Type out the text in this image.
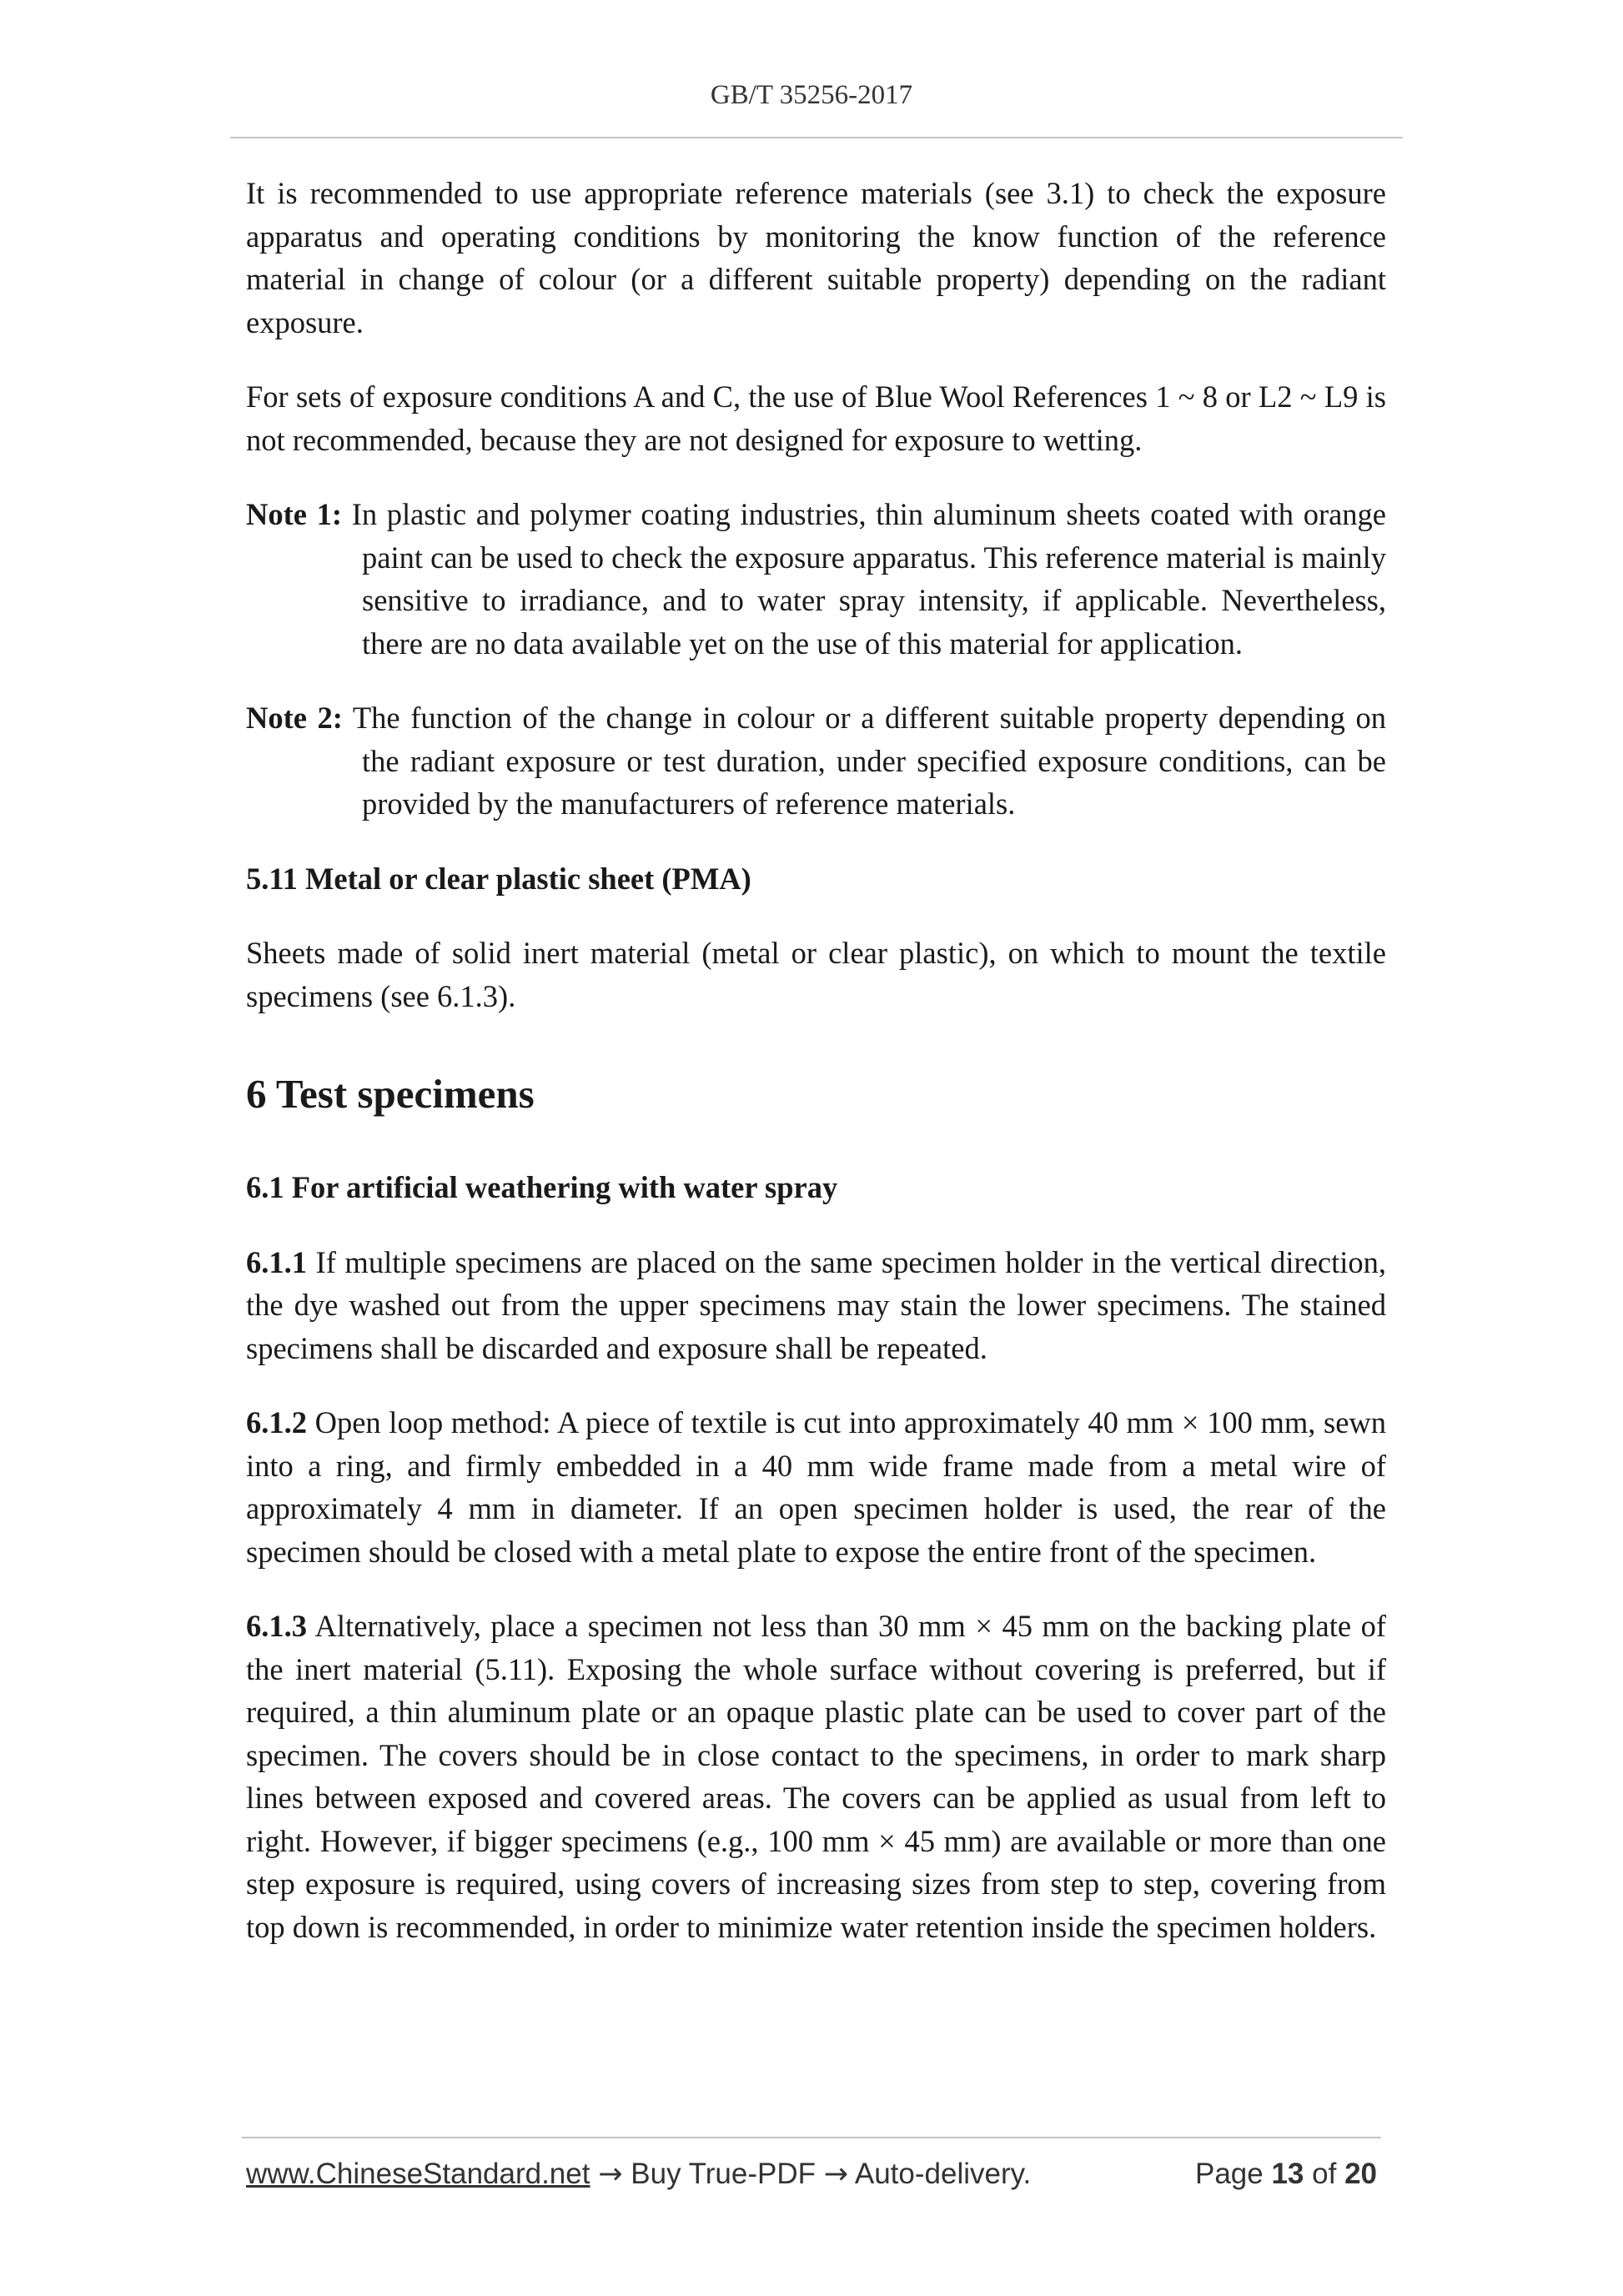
GB/T 35256-2017

It is recommended to use appropriate reference materials (see 3.1) to check the exposure apparatus and operating conditions by monitoring the know function of the reference material in change of colour (or a different suitable property) depending on the radiant exposure.

For sets of exposure conditions A and C, the use of Blue Wool References 1 ~ 8 or L2 ~ L9 is not recommended, because they are not designed for exposure to wetting.

Note 1: In plastic and polymer coating industries, thin aluminum sheets coated with orange paint can be used to check the exposure apparatus. This reference material is mainly sensitive to irradiance, and to water spray intensity, if applicable. Nevertheless, there are no data available yet on the use of this material for application.

Note 2: The function of the change in colour or a different suitable property depending on the radiant exposure or test duration, under specified exposure conditions, can be provided by the manufacturers of reference materials.

5.11 Metal or clear plastic sheet (PMA)

Sheets made of solid inert material (metal or clear plastic), on which to mount the textile specimens (see 6.1.3).

6 Test specimens

6.1 For artificial weathering with water spray

6.1.1 If multiple specimens are placed on the same specimen holder in the vertical direction, the dye washed out from the upper specimens may stain the lower specimens. The stained specimens shall be discarded and exposure shall be repeated.

6.1.2 Open loop method: A piece of textile is cut into approximately 40 mm × 100 mm, sewn into a ring, and firmly embedded in a 40 mm wide frame made from a metal wire of approximately 4 mm in diameter. If an open specimen holder is used, the rear of the specimen should be closed with a metal plate to expose the entire front of the specimen.

6.1.3 Alternatively, place a specimen not less than 30 mm × 45 mm on the backing plate of the inert material (5.11). Exposing the whole surface without covering is preferred, but if required, a thin aluminum plate or an opaque plastic plate can be used to cover part of the specimen. The covers should be in close contact to the specimens, in order to mark sharp lines between exposed and covered areas. The covers can be applied as usual from left to right. However, if bigger specimens (e.g., 100 mm × 45 mm) are available or more than one step exposure is required, using covers of increasing sizes from step to step, covering from top down is recommended, in order to minimize water retention inside the specimen holders.

www.ChineseStandard.net → Buy True-PDF → Auto-delivery.	Page 13 of 20
